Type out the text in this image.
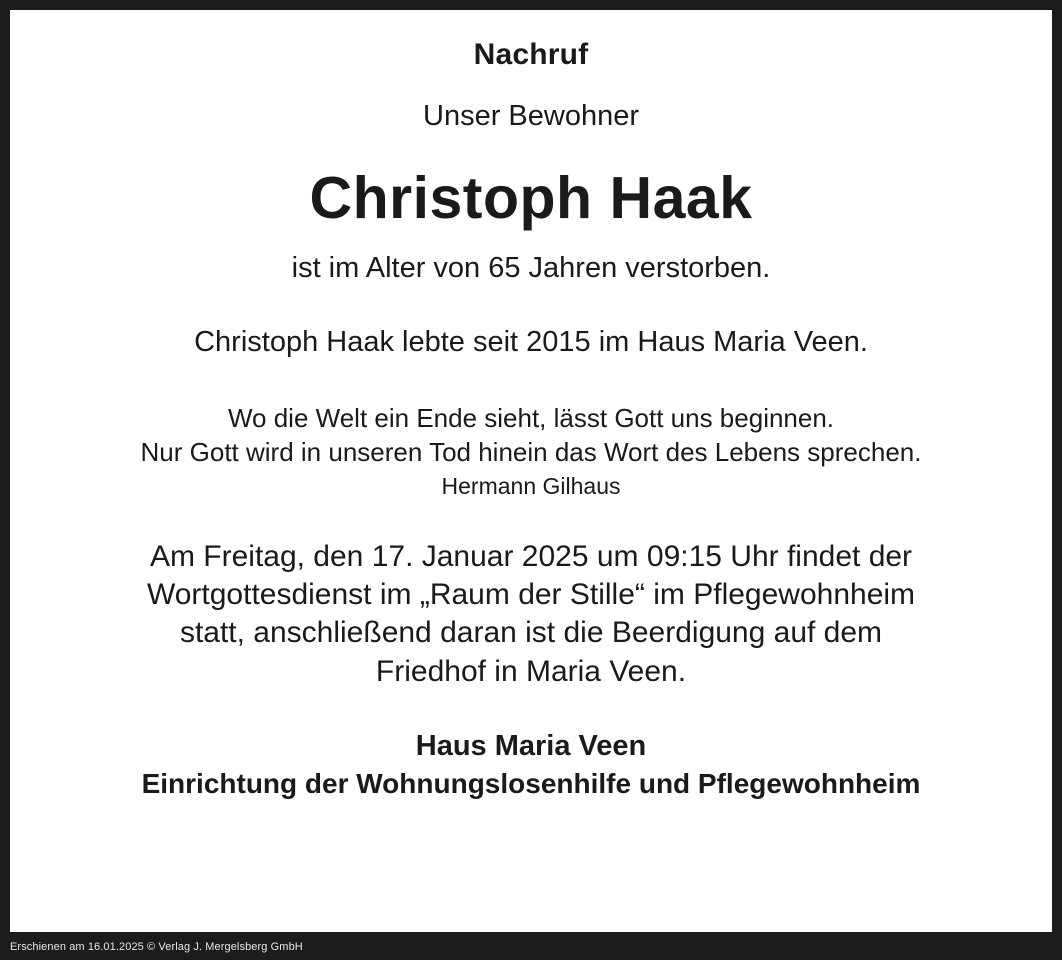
Nachruf

Unser Bewohner

Christoph Haak

ist im Alter von 65 Jahren verstorben.

Christoph Haak lebte seit 2015 im Haus Maria Veen.

Wo die Welt ein Ende sieht, lässt Gott uns beginnen.

Nur Gott wird in unseren Tod hinein das Wort des Lebens sprechen.

Hermann Gilhaus

Am Freitag, den 17. Januar 2025 um 09:15 Uhr findet der

Wortgottesdienst im „Raum der Stille“ im Pflegewohnheim

statt, anschließend daran ist die Beerdigung auf dem

Friedhof in Maria Veen.

Haus Maria Veen

Einrichtung der Wohnungslosenhilfe und Pflegewohnheim

Erschienen am 16.01.2025 © Verlag J. Mergelsberg GmbH
